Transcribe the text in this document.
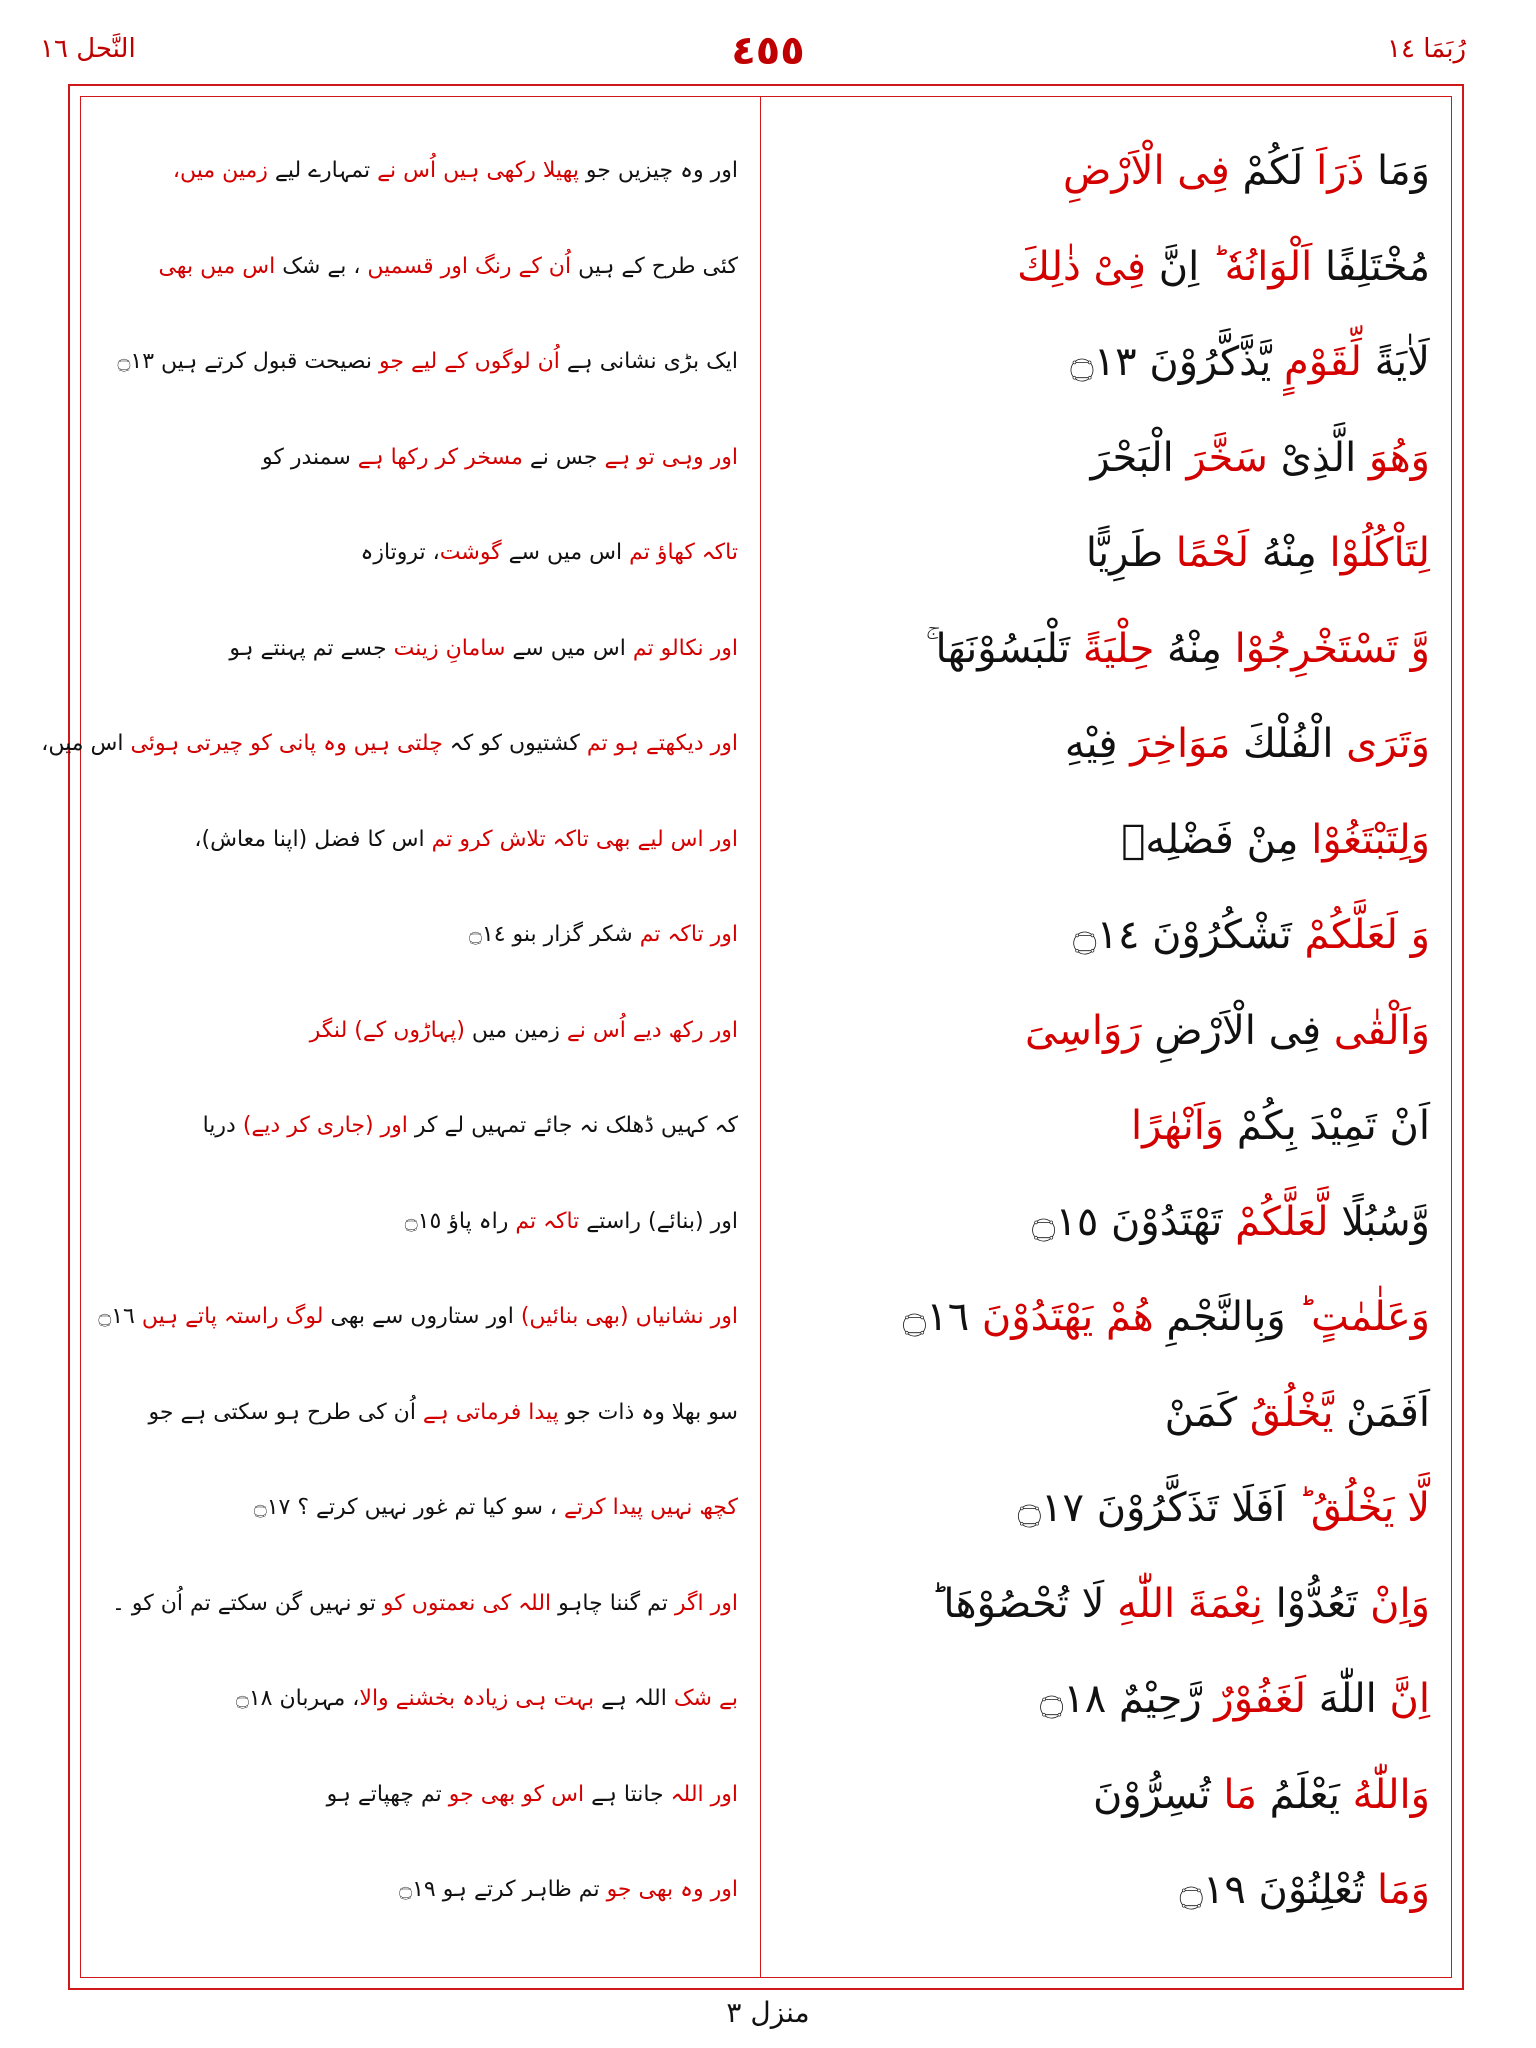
رُبَمَا ١٤
٤٥٥
النَّحل ١٦
وَمَا ذَرَاَ لَكُمْ فِى الْاَرْضِ
مُخْتَلِفًا اَلْوَانُهٗ ؕ اِنَّ فِىْ ذٰلِكَ
لَاٰيَةً لِّقَوْمٍ يَّذَّكَّرُوْنَ ۝١٣
وَهُوَ الَّذِىْ سَخَّرَ الْبَحْرَ
لِتَاْكُلُوْا مِنْهُ لَحْمًا طَرِيًّا
وَّ تَسْتَخْرِجُوْا مِنْهُ حِلْيَةً تَلْبَسُوْنَهَا ۚ
وَتَرَى الْفُلْكَ مَوَاخِرَ فِيْهِ
وَلِتَبْتَغُوْا مِنْ فَضْلِهٖ
وَ لَعَلَّكُمْ تَشْكُرُوْنَ ۝١٤
وَاَلْقٰى فِى الْاَرْضِ رَوَاسِىَ
اَنْ تَمِيْدَ بِكُمْ وَاَنْهٰرًا
وَّسُبُلًا لَّعَلَّكُمْ تَهْتَدُوْنَ ۝١٥
وَعَلٰمٰتٍ ؕ وَبِالنَّجْمِ هُمْ يَهْتَدُوْنَ ۝١٦
اَفَمَنْ يَّخْلُقُ كَمَنْ
لَّا يَخْلُقُ ؕ اَفَلَا تَذَكَّرُوْنَ ۝١٧
وَاِنْ تَعُدُّوْا نِعْمَةَ اللّٰهِ لَا تُحْصُوْهَا ؕ
اِنَّ اللّٰهَ لَغَفُوْرٌ رَّحِيْمٌ ۝١٨
وَاللّٰهُ يَعْلَمُ مَا تُسِرُّوْنَ
وَمَا تُعْلِنُوْنَ ۝١٩
اور وہ چیزیں جو پھیلا رکھی ہیں اُس نے تمہارے لیے زمین میں،
کئی طرح کے ہیں اُن کے رنگ اور قسمیں ، بے شک اس میں بھی
ایک بڑی نشانی ہے اُن لوگوں کے لیے جو نصیحت قبول کرتے ہیں ۝١٣
اور وہی تو ہے جس نے مسخر کر رکھا ہے سمندر کو
تاکہ کھاؤ تم اس میں سے گوشت، تروتازہ
اور نکالو تم اس میں سے سامانِ زینت جسے تم پہنتے ہو
اور دیکھتے ہو تم کشتیوں کو کہ چلتی ہیں وہ پانی کو چیرتی ہوئی اس میں،
اور اس لیے بھی تاکہ تلاش کرو تم اس کا فضل (اپنا معاش)،
اور تاکہ تم شکر گزار بنو ۝١٤
اور رکھ دیے اُس نے زمین میں (پہاڑوں کے) لنگر
کہ کہیں ڈھلک نہ جائے تمہیں لے کر اور (جاری کر دیے) دریا
اور (بنائے) راستے تاکہ تم راہ پاؤ ۝١٥
اور نشانیاں (بھی بنائیں) اور ستاروں سے بھی لوگ راستہ پاتے ہیں ۝١٦
سو بھلا وہ ذات جو پیدا فرماتی ہے اُن کی طرح ہو سکتی ہے جو
کچھ نہیں پیدا کرتے ، سو کیا تم غور نہیں کرتے ؟ ۝١٧
اور اگر تم گننا چاہو اللہ کی نعمتوں کو تو نہیں گن سکتے تم اُن کو ۔
بے شک اللہ ہے بہت ہی زیادہ بخشنے والا، مہربان ۝١٨
اور اللہ جانتا ہے اس کو بھی جو تم چھپاتے ہو
اور وہ بھی جو تم ظاہر کرتے ہو ۝١٩
منزل ٣
